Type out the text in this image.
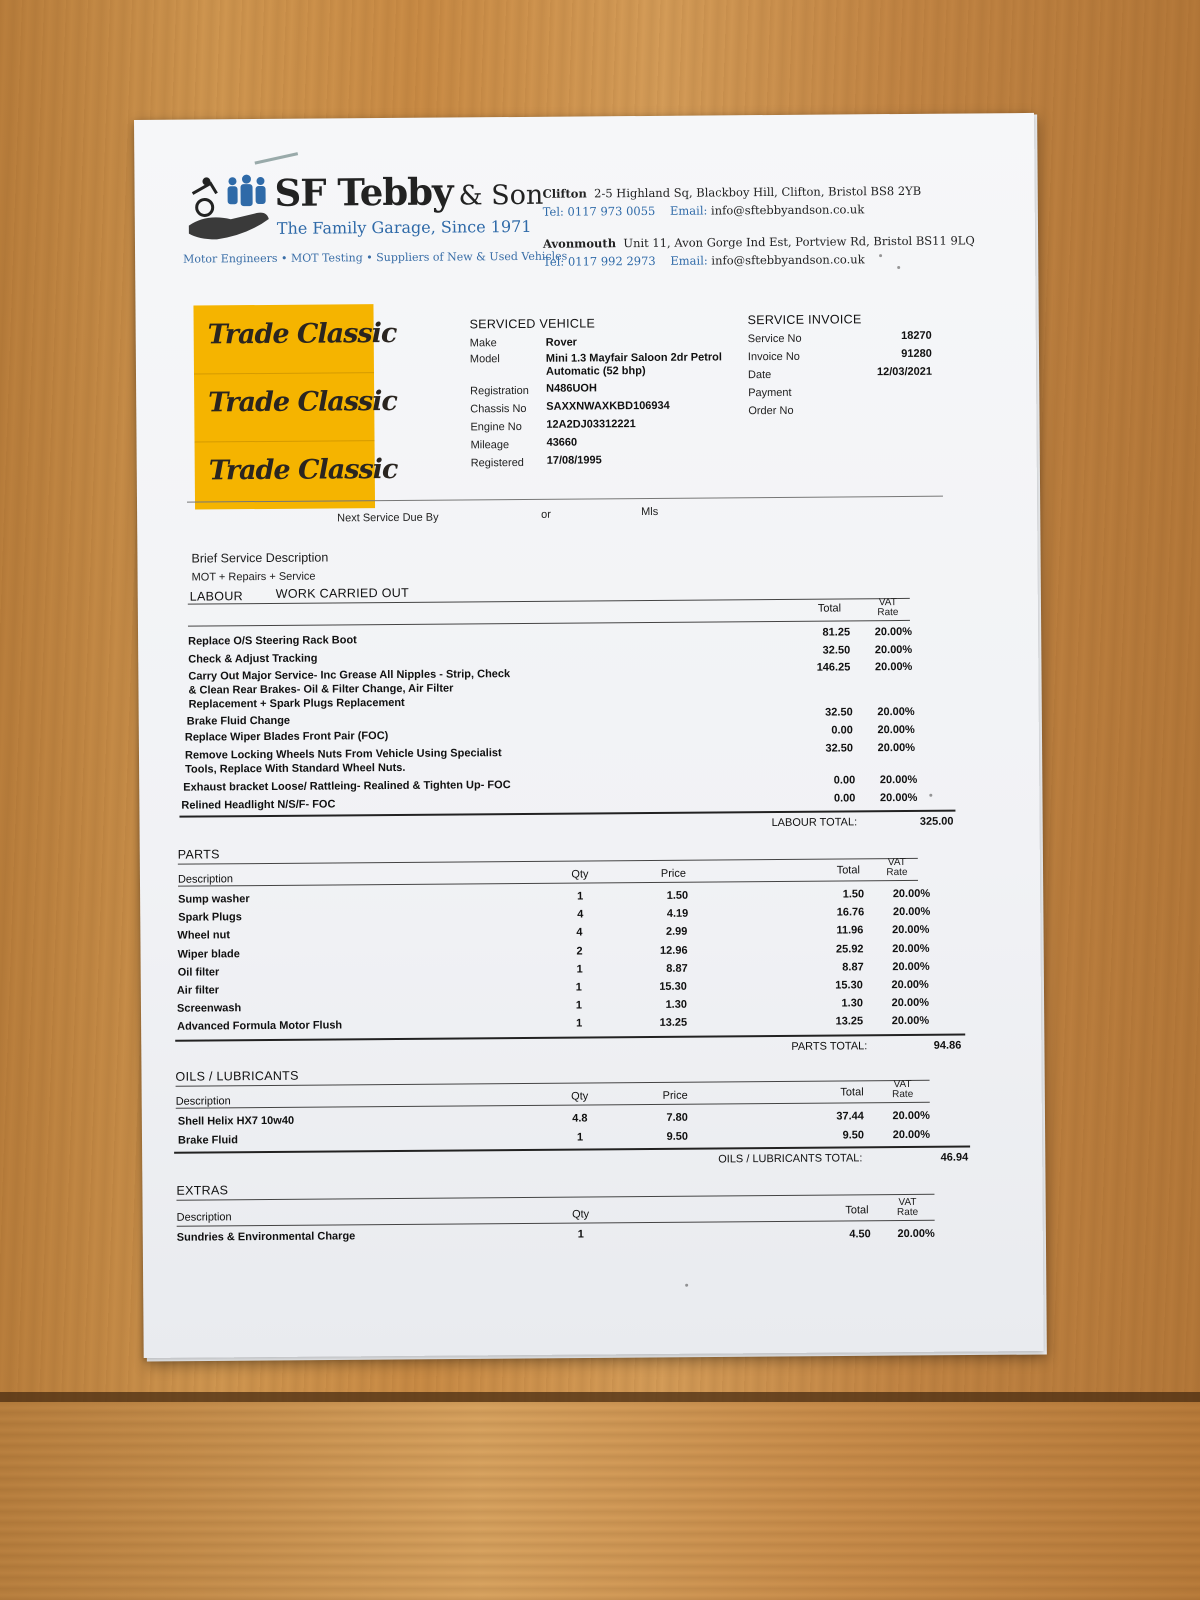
SF Tebby & Son
The Family Garage, Since 1971
Motor Engineers • MOT Testing • Suppliers of New & Used Vehicles
Clifton 2-5 Highland Sq, Blackboy Hill, Clifton, Bristol BS8 2YB
Tel: 0117 973 0055 Email: info@sftebbyandson.co.uk
Avonmouth Unit 11, Avon Gorge Ind Est, Portview Rd, Bristol BS11 9LQ
Tel: 0117 992 2973 Email: info@sftebbyandson.co.uk
Trade Classic
Trade Classic
Trade Classic
SERVICED VEHICLE
Make	Rover
Model	Mini 1.3 Mayfair Saloon 2dr Petrol
Automatic (52 bhp)
Registration N486UOH
Chassis No SAXXNWAXKBD106934
Engine No 12A2DJ03312221
Mileage	43660
Registered 17/08/1995
SERVICE INVOICE
Service No	18270
Invoice No	91280
Date	12/03/2021
Payment
Order No
Next Service Due By	or	Mls
Brief Service Description
MOT + Repairs + Service
LABOUR	WORK CARRIED OUT
Total	VAT
Rate
Replace O/S Steering Rack Boot
81.25	20.00%
Check & Adjust Tracking
32.50	20.00%
Carry Out Major Service- Inc Grease All Nipples - Strip, Check
& Clean Rear Brakes- Oil & Filter Change, Air Filter
Replacement + Spark Plugs Replacement
146.25	20.00%
Brake Fluid Change
32.50	20.00%
Replace Wiper Blades Front Pair (FOC)	0.00	20.00%
Remove Locking Wheels Nuts From Vehicle Using Specialist
Tools, Replace With Standard Wheel Nuts.
32.50	20.00%
Exhaust bracket Loose/ Rattleing- Realined & Tighten Up- FOC	0.00	20.00%
Relined Headlight N/S/F- FOC	0.00	20.00%
LABOUR TOTAL:	325.00
PARTS
Description	Qty	Price	Total
VAT
Rate
Sump washer	1	1.50	1.50	20.00%
Spark Plugs	4	4.19	16.76	20.00%
Wheel nut	4	2.99	11.96	20.00%
Wiper blade	2	12.96	25.92	20.00%
Oil filter	1	8.87	8.87	20.00%
Air filter	1	15.30	15.30	20.00%
Screenwash	1	1.30	1.30	20.00%
Advanced Formula Motor Flush	1	13.25	13.25	20.00%
PARTS TOTAL:	94.86
OILS / LUBRICANTS
Description	Qty	Price	Total
VAT
Rate
Shell Helix HX7 10w40	4.8	7.80	37.44	20.00%
Brake Fluid	1	9.50	9.50	20.00%
OILS / LUBRICANTS TOTAL:	46.94
EXTRAS
Description	Qty	Total
VAT
Rate
Sundries & Environmental Charge	1	4.50	20.00%
